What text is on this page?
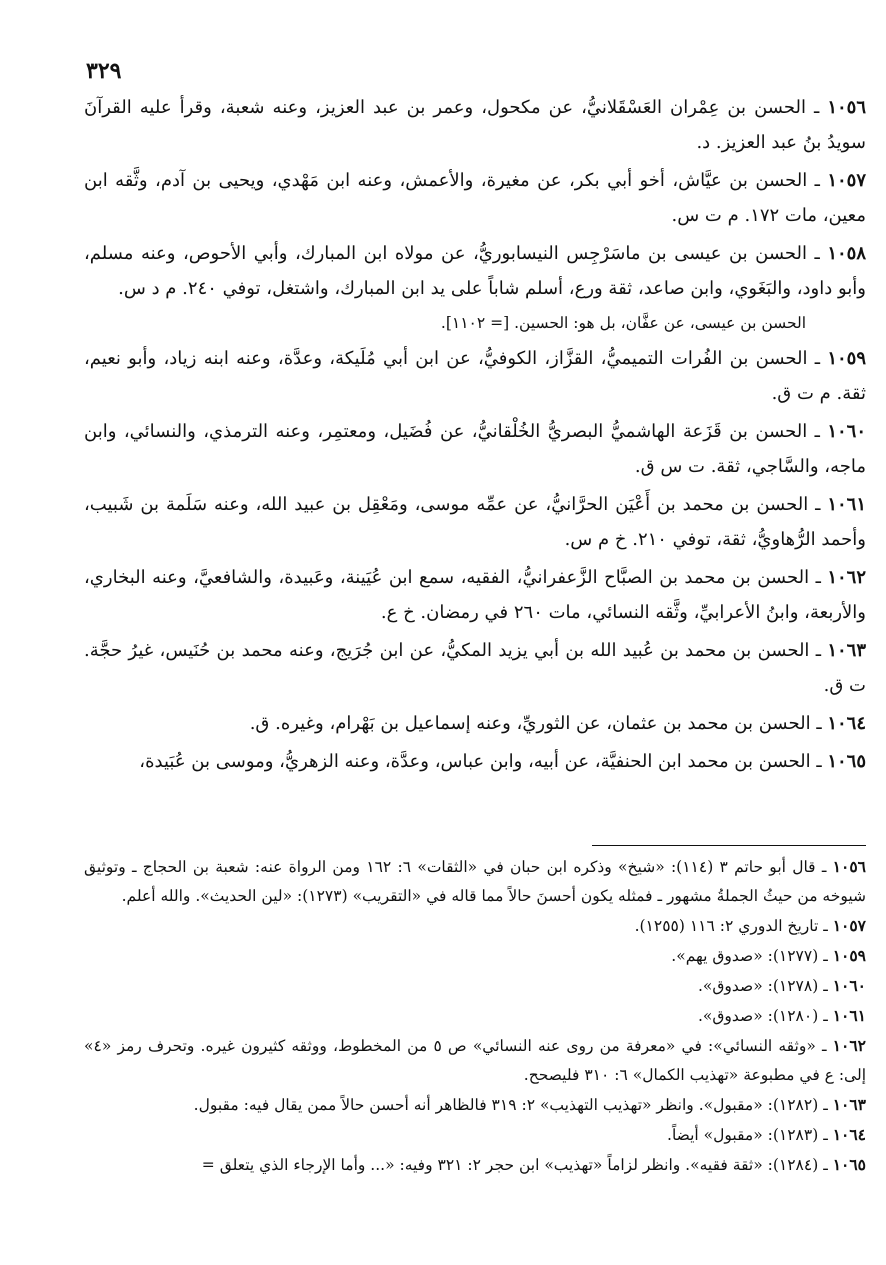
٣٢٩

١٠٥٦ ـ الحسن بن عِمْران العَسْقَلانيُّ، عن مكحول، وعمر بن عبد العزيز، وعنه شعبة، وقرأ عليه القرآنَ سويدُ بنُ عبد العزيز. د.

١٠٥٧ ـ الحسن بن عيَّاش، أخو أبي بكر، عن مغيرة، والأعمش، وعنه ابن مَهْدي، ويحيى بن آدم، وثَّقه ابن معين، مات ١٧٢. م ت س.

١٠٥٨ ـ الحسن بن عيسى بن ماسَرْجِس النيسابوريُّ، عن مولاه ابن المبارك، وأبي الأحوص، وعنه مسلم، وأبو داود، والبَغَوي، وابن صاعد، ثقة ورع، أسلم شاباً على يد ابن المبارك، واشتغل، توفي ٢٤٠. م د س.
الحسن بن عيسى، عن عفَّان، بل هو: الحسين. [= ١١٠٢].

١٠٥٩ ـ الحسن بن الفُرات التميميُّ، القزَّاز، الكوفيُّ، عن ابن أبي مُلَيكة، وعدَّة، وعنه ابنه زياد، وأبو نعيم، ثقة. م ت ق.

١٠٦٠ ـ الحسن بن قَزَعة الهاشميُّ البصريُّ الخُلْقانيُّ، عن فُضَيل، ومعتمِر، وعنه الترمذي، والنسائي، وابن ماجه، والسَّاجي، ثقة. ت س ق.

١٠٦١ ـ الحسن بن محمد بن أَعْيَن الحرَّانيُّ، عن عمِّه موسى، ومَعْقِل بن عبيد الله، وعنه سَلَمة بن شَبيب، وأحمد الرُّهاويُّ، ثقة، توفي ٢١٠. خ م س.

١٠٦٢ ـ الحسن بن محمد بن الصبَّاح الزَّعفرانيُّ، الفقيه، سمع ابن عُيَينة، وعَبيدة، والشافعيَّ، وعنه البخاري، والأربعة، وابنُ الأعرابيِّ، وثَّقه النسائي، مات ٢٦٠ في رمضان. خ ع.

١٠٦٣ ـ الحسن بن محمد بن عُبيد الله بن أبي يزيد المكيُّ، عن ابن جُرَيج، وعنه محمد بن حُنَيس، غيرُ حجَّة. ت ق.

١٠٦٤ ـ الحسن بن محمد بن عثمان، عن الثوريِّ، وعنه إسماعيل بن بَهْرام، وغيره. ق.

١٠٦٥ ـ الحسن بن محمد ابن الحنفيَّة، عن أبيه، وابن عباس، وعدَّة، وعنه الزهريُّ، وموسى بن عُبَيدة،

١٠٥٦ ـ قال أبو حاتم ٣ (١١٤): «شيخ» وذكره ابن حبان في «الثقات» ٦: ١٦٢ ومن الرواة عنه: شعبة بن الحجاج ـ وتوثيق شيوخه من حيثُ الجملةُ مشهور ـ فمثله يكون أحسنَ حالاً مما قاله في «التقريب» (١٢٧٣): «لين الحديث». والله أعلم.

١٠٥٧ ـ تاريخ الدوري ٢: ١١٦ (١٢٥٥).

١٠٥٩ ـ (١٢٧٧): «صدوق يهم».

١٠٦٠ ـ (١٢٧٨): «صدوق».

١٠٦١ ـ (١٢٨٠): «صدوق».

١٠٦٢ ـ «وثقه النسائي»: في «معرفة من روى عنه النسائي» ص ٥ من المخطوط، ووثقه كثيرون غيره. وتحرف رمز «٤» إلى: ع في مطبوعة «تهذيب الكمال» ٦: ٣١٠ فليصحح.

١٠٦٣ ـ (١٢٨٢): «مقبول». وانظر «تهذيب التهذيب» ٢: ٣١٩ فالظاهر أنه أحسن حالاً ممن يقال فيه: مقبول.

١٠٦٤ ـ (١٢٨٣): «مقبول» أيضاً.

١٠٦٥ ـ (١٢٨٤): «ثقة فقيه». وانظر لزاماً «تهذيب» ابن حجر ٢: ٣٢١ وفيه: «... وأما الإرجاء الذي يتعلق =
